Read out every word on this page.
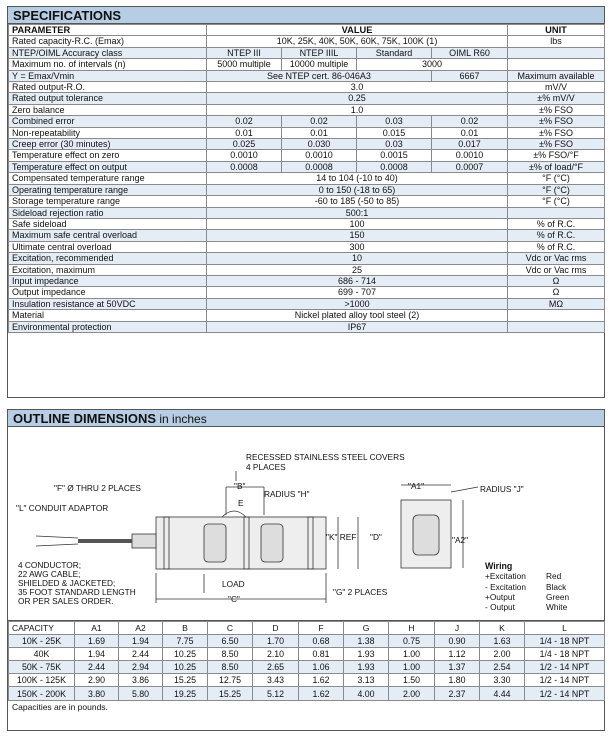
SPECIFICATIONS
PARAMETER	VALUE				UNIT
Rated capacity-R.C. (Emax)	10K, 25K, 40K, 50K, 60K, 75K, 100K (1)				lbs
NTEP/OIML Accuracy class	NTEP III	NTEP IIIL	Standard	OIML R60	
Maximum no. of intervals (n)	5000 multiple	10000 multiple	3000		
Y = Emax/Vmin	See NTEP cert. 86-046A3			6667	Maximum available
Rated output-R.O.	3.0				mV/V
Rated output tolerance	0.25				±% mV/V
Zero balance	1.0				±% FSO
Combined error	0.02	0.02	0.03	0.02	±% FSO
Non-repeatability	0.01	0.01	0.015	0.01	±% FSO
Creep error (30 minutes)	0.025	0.030	0.03	0.017	±% FSO
Temperature effect on zero	0.0010	0.0010	0.0015	0.0010	±% FSO/°F
Temperature effect on output	0.0008	0.0008	0.0008	0.0007	±% of load/°F
Compensated temperature range	14 to 104 (-10 to 40)				°F (°C)
Operating temperature range	0 to 150 (-18 to 65)				°F (°C)
Storage temperature range	-60 to 185 (-50 to 85)				°F (°C)
Sideload rejection ratio	500:1				
Safe sideload	100				% of R.C.
Maximum safe central overload	150				% of R.C.
Ultimate central overload	300				% of R.C.
Excitation, recommended	10				Vdc or Vac rms
Excitation, maximum	25				Vdc or Vac rms
Input impedance	686 - 714				Ω
Output impedance	699 - 707				Ω
Insulation resistance at 50VDC	>1000				MΩ
Material	Nickel plated alloy tool steel (2)				
Environmental protection	IP67				
OUTLINE DIMENSIONS in inches
RECESSED STAINLESS STEEL COVERS
4 PLACES
"F" Ø THRU 2 PLACES	"B"
RADIUS "H"
"A1"	RADIUS "J"
"L" CONDUIT ADAPTOR
"K" REF "D"	"A2"
E
4 CONDUCTOR;
22 AWG CABLE;
SHIELDED & JACKETED;
35 FOOT STANDARD LENGTH
OR PER SALES ORDER.
LOAD
"C"
"G" 2 PLACES
Wiring
+Excitation	Red
- Excitation	Black
+Output	Green
- Output	White
CAPACITY	A1	A2	B	C	D	F	G	H	J	K	L
10K - 25K	1.69	1.94	7.75	6.50	1.70	0.68	1.38	0.75	0.90	1.63	1/4 - 18 NPT
40K	1.94	2.44	10.25	8.50	2.10	0.81	1.93	1.00	1.12	2.00	1/4 - 18 NPT
50K - 75K	2.44	2.94	10.25	8.50	2.65	1.06	1.93	1.00	1.37	2.54	1/2 - 14 NPT
100K - 125K	2.90	3.86	15.25	12.75	3.43	1.62	3.13	1.50	1.80	3.30	1/2 - 14 NPT
150K - 200K	3.80	5.80	19.25	15.25	5.12	1.62	4.00	2.00	2.37	4.44	1/2 - 14 NPT
Capacities are in pounds.
